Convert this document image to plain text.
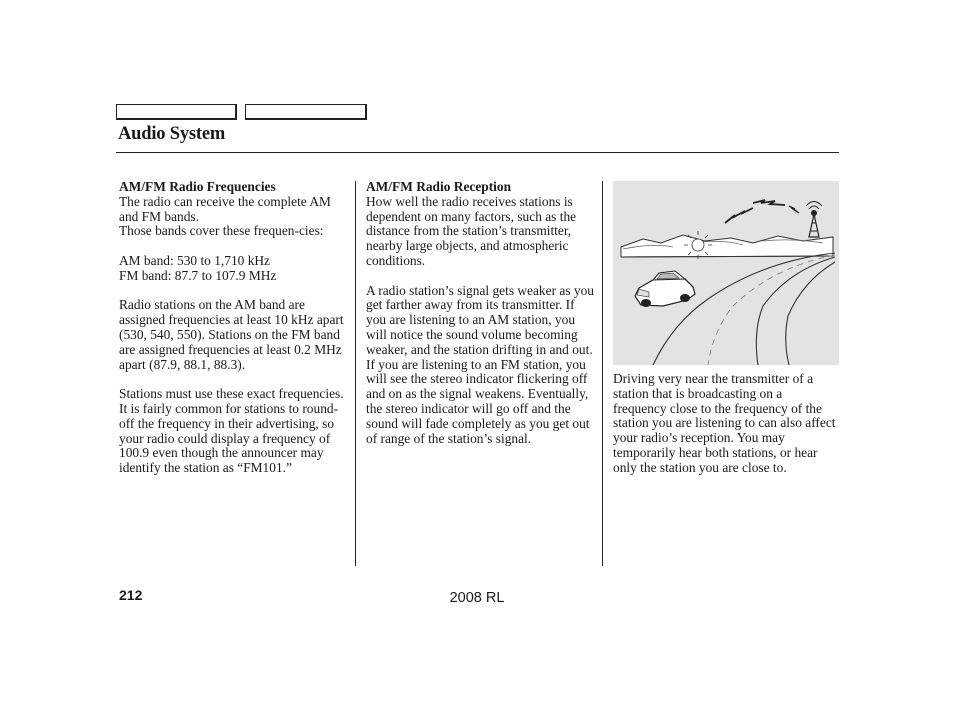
Audio System
AM/FM Radio Frequencies
The radio can receive the complete AM and FM bands.

Those bands cover these frequen-cies:

AM band: 530 to 1,710 kHz

FM band: 87.7 to 107.9 MHz

Radio stations on the AM band are assigned frequencies at least 10 kHz apart (530, 540, 550). Stations on the FM band are assigned frequencies at least 0.2 MHz apart (87.9, 88.1, 88.3).

Stations must use these exact frequencies. It is fairly common for stations to round-off the frequency in their advertising, so your radio could display a frequency of 100.9 even though the announcer may identify the station as “FM101.”

AM/FM Radio Reception

How well the radio receives stations is dependent on many factors, such as the distance from the station’s transmitter, nearby large objects, and atmospheric conditions.

A radio station’s signal gets weaker as you get farther away from its transmitter. If you are listening to an AM station, you will notice the sound volume becoming weaker, and the station drifting in and out. If you are listening to an FM station, you will see the stereo indicator flickering off and on as the signal weakens. Eventually, the stereo indicator will go off and the sound will fade completely as you get out of range of the station’s signal.

Driving very near the transmitter of a station that is broadcasting on a frequency close to the frequency of the station you are listening to can also affect your radio’s reception. You may temporarily hear both stations, or hear only the station you are close to.

212	2008 RL
